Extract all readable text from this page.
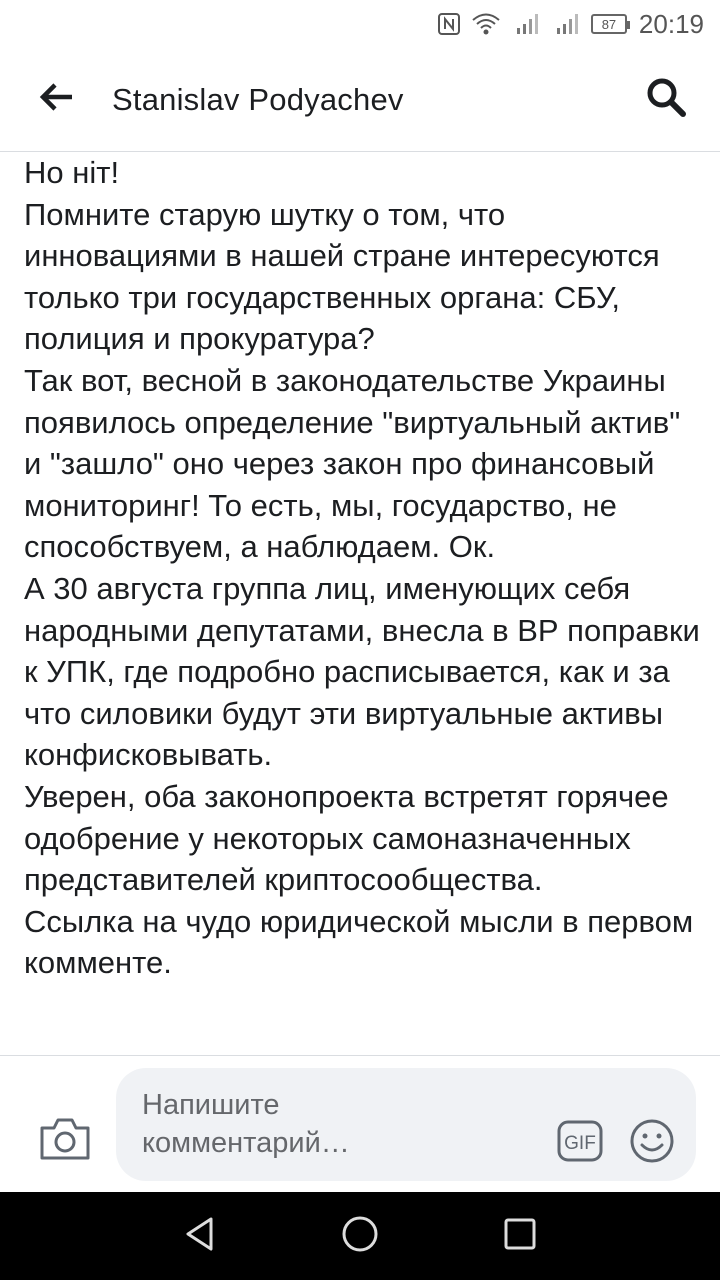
87 20:19
Stanislav Podyachev

Но ніт!
Помните старую шутку о том, что инновациями в нашей стране интересуются только три государственных органа: СБУ, полиция и прокуратура?
Так вот, весной в законодательстве Украины появилось определение "виртуальный актив" и "зашло" оно через закон про финансовый мониторинг! То есть, мы, государство, не способствуем, а наблюдаем. Ок.
А 30 августа группа лиц, именующих себя народными депутатами, внесла в ВР поправки к УПК, где подробно расписывается, как и за что силовики будут эти виртуальные активы конфисковывать.
Уверен, оба законопроекта встретят горячее одобрение у некоторых самоназначенных представителей криптосообщества.
Ссылка на чудо юридической мысли в первом комменте.

Напишите комментарий…	GIF
